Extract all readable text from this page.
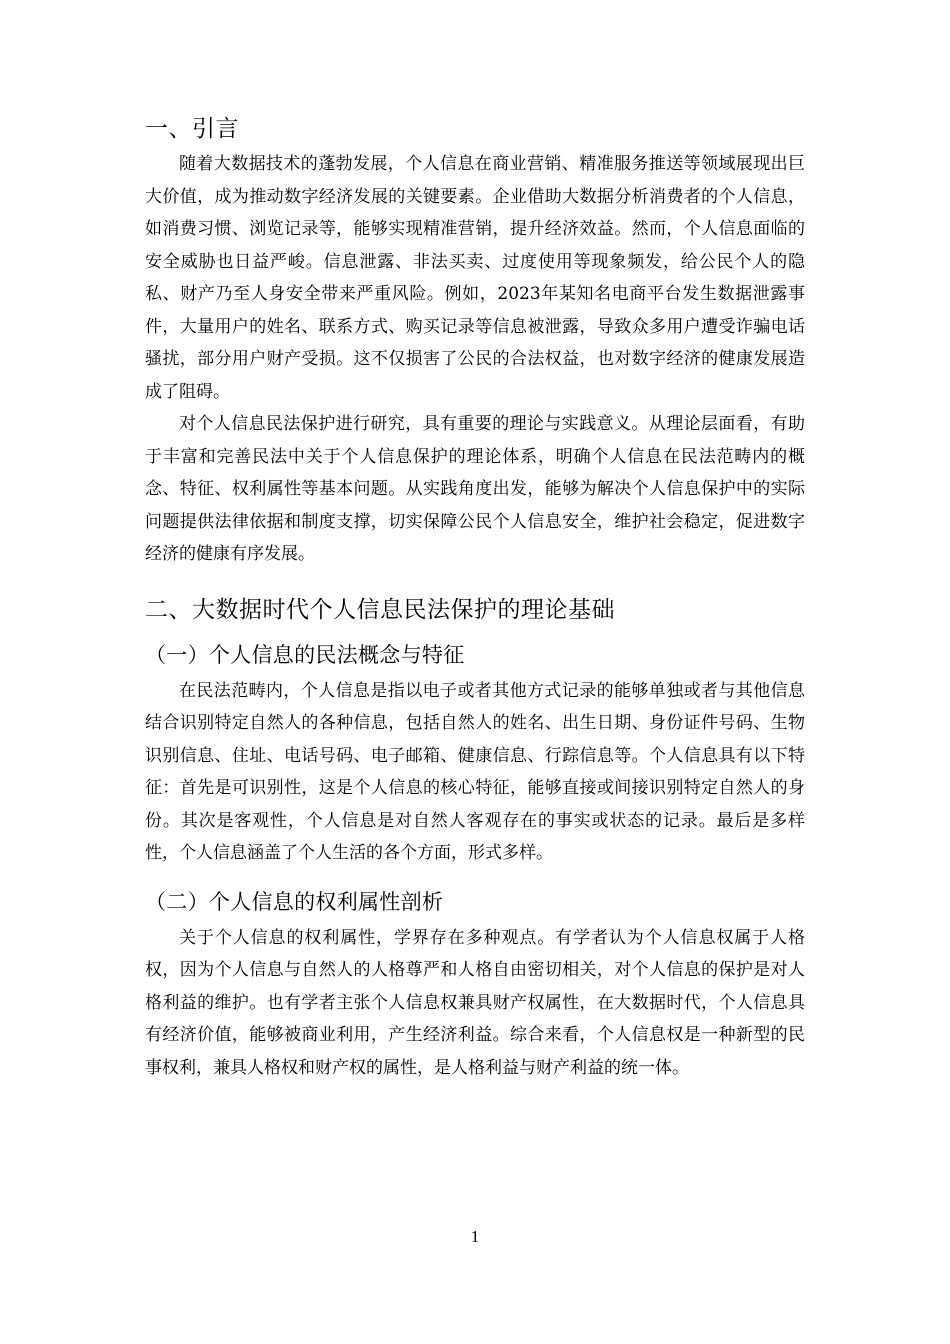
一、引言

随着大数据技术的蓬勃发展，个人信息在商业营销、精准服务推送等领域展现出巨大价值，成为推动数字经济发展的关键要素。企业借助大数据分析消费者的个人信息，如消费习惯、浏览记录等，能够实现精准营销，提升经济效益。然而，个人信息面临的安全威胁也日益严峻。信息泄露、非法买卖、过度使用等现象频发，给公民个人的隐私、财产乃至人身安全带来严重风险。例如，2023年某知名电商平台发生数据泄露事件，大量用户的姓名、联系方式、购买记录等信息被泄露，导致众多用户遭受诈骗电话骚扰，部分用户财产受损。这不仅损害了公民的合法权益，也对数字经济的健康发展造成了阻碍。

对个人信息民法保护进行研究，具有重要的理论与实践意义。从理论层面看，有助于丰富和完善民法中关于个人信息保护的理论体系，明确个人信息在民法范畴内的概念、特征、权利属性等基本问题。从实践角度出发，能够为解决个人信息保护中的实际问题提供法律依据和制度支撑，切实保障公民个人信息安全，维护社会稳定，促进数字经济的健康有序发展。

二、大数据时代个人信息民法保护的理论基础
（一）个人信息的民法概念与特征

在民法范畴内，个人信息是指以电子或者其他方式记录的能够单独或者与其他信息结合识别特定自然人的各种信息，包括自然人的姓名、出生日期、身份证件号码、生物识别信息、住址、电话号码、电子邮箱、健康信息、行踪信息等。个人信息具有以下特征：首先是可识别性，这是个人信息的核心特征，能够直接或间接识别特定自然人的身份。其次是客观性，个人信息是对自然人客观存在的事实或状态的记录。最后是多样性，个人信息涵盖了个人生活的各个方面，形式多样。

（二）个人信息的权利属性剖析

关于个人信息的权利属性，学界存在多种观点。有学者认为个人信息权属于人格权，因为个人信息与自然人的人格尊严和人格自由密切相关，对个人信息的保护是对人格利益的维护。也有学者主张个人信息权兼具财产权属性，在大数据时代，个人信息具有经济价值，能够被商业利用，产生经济利益。综合来看，个人信息权是一种新型的民事权利，兼具人格权和财产权的属性，是人格利益与财产利益的统一体。

1
